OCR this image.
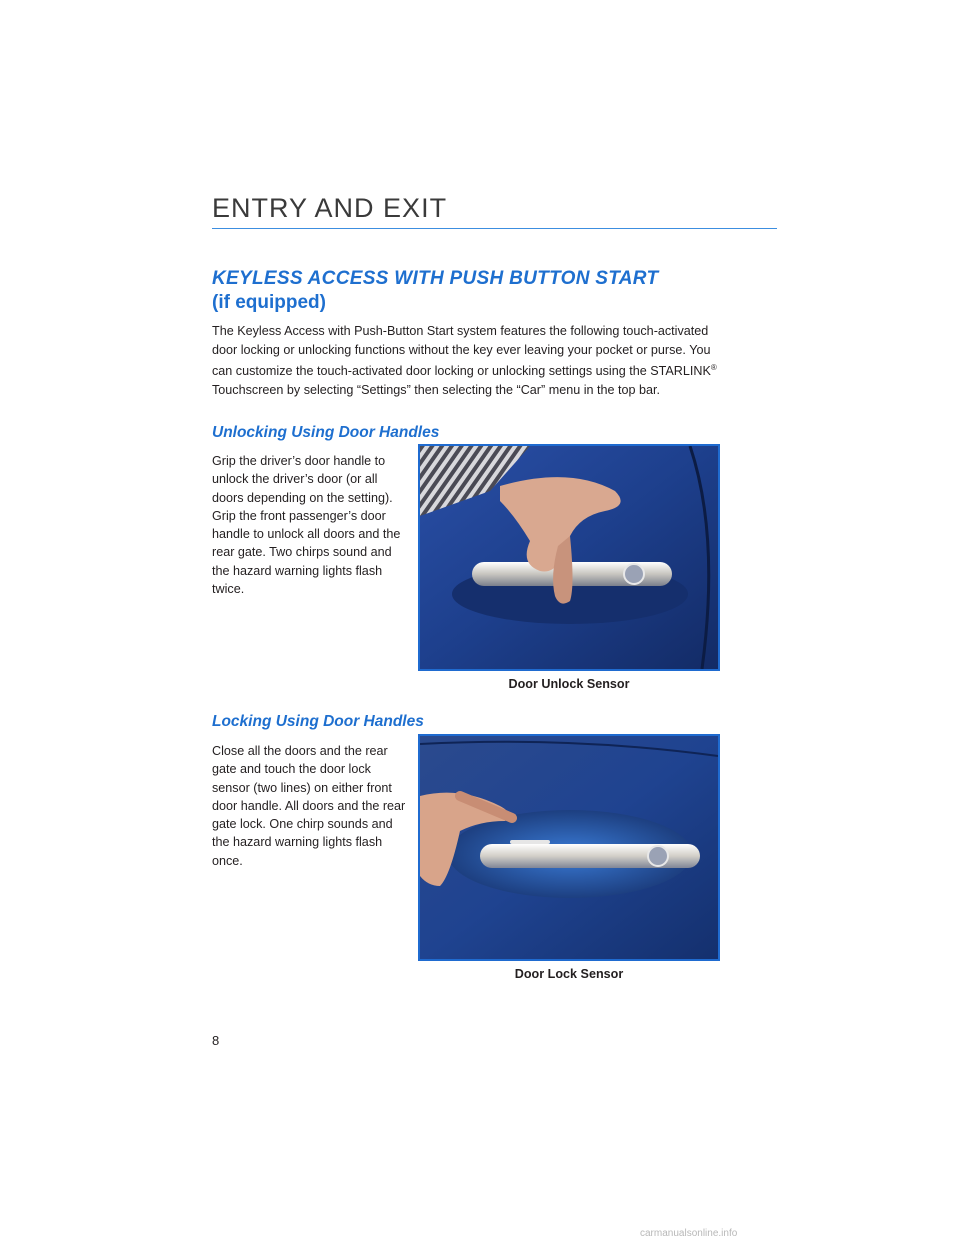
ENTRY AND EXIT
KEYLESS ACCESS WITH PUSH BUTTON START
(if equipped)

The Keyless Access with Push-Button Start system features the following touch-activated door locking or unlocking functions without the key ever leaving your pocket or purse. You can customize the touch-activated door locking or unlocking settings using the STARLINK® Touchscreen by selecting “Settings” then selecting the “Car” menu in the top bar.

Unlocking Using Door Handles

Grip the driver’s door handle to unlock the driver’s door (or all doors depending on the setting). Grip the front passenger’s door handle to unlock all doors and the rear gate. Two chirps sound and the hazard warning lights flash twice.

Door Unlock Sensor
Locking Using Door Handles

Close all the doors and the rear gate and touch the door lock sensor (two lines) on either front door handle. All doors and the rear gate lock. One chirp sounds and the hazard warning lights flash once.

Door Lock Sensor
8
carmanualsonline.info
